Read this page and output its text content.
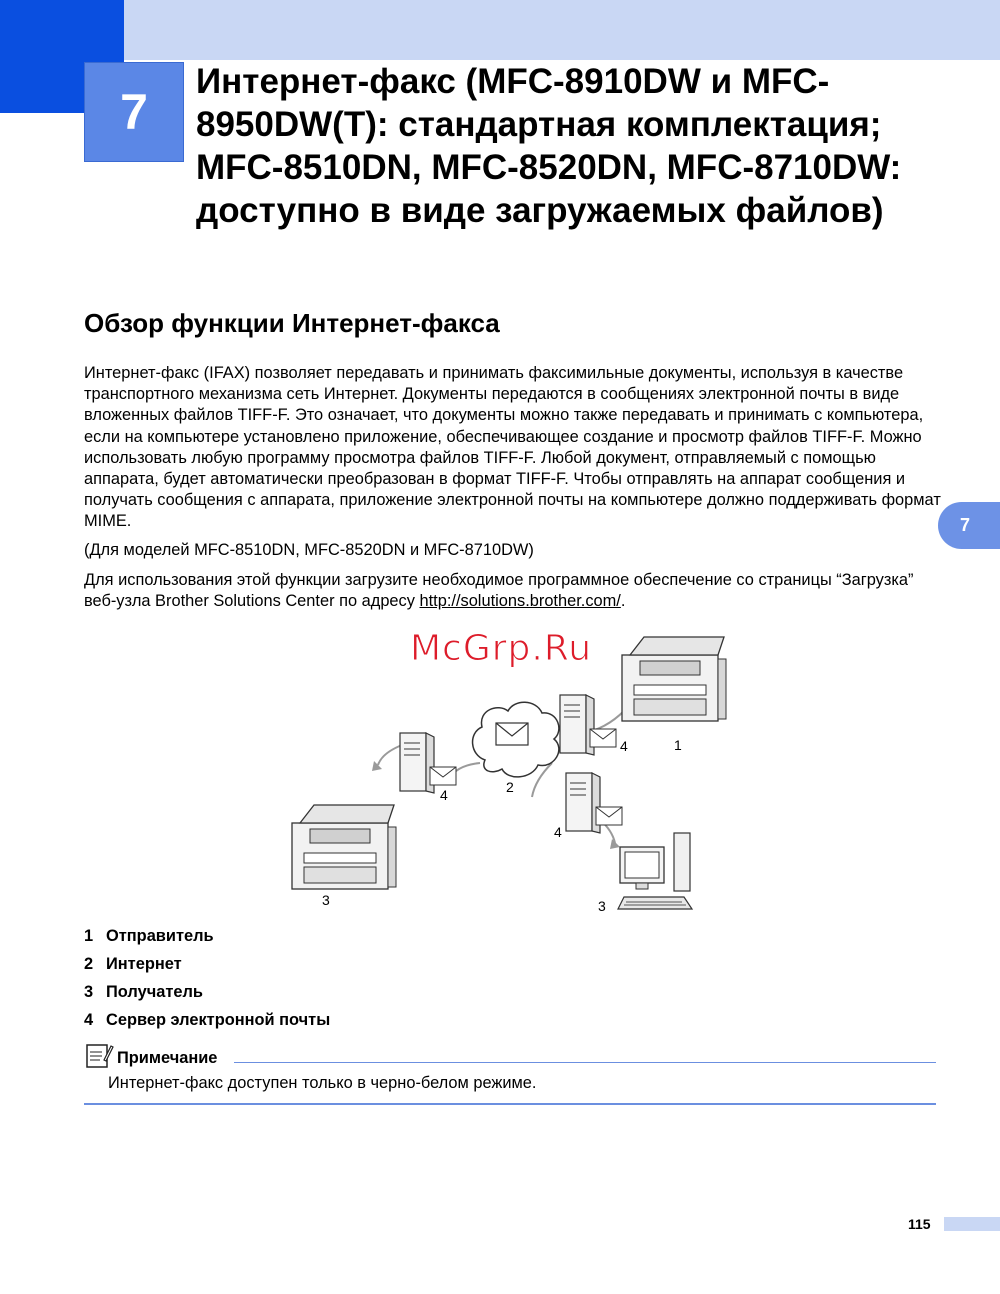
7
Интернет-факс (MFC-8910DW и MFC-8950DW(T): стандартная комплектация; MFC-8510DN, MFC-8520DN, MFC-8710DW: доступно в виде загружаемых файлов)
Обзор функции Интернет-факса

Интернет-факс (IFAX) позволяет передавать и принимать факсимильные документы, используя в качестве транспортного механизма сеть Интернет. Документы передаются в сообщениях электронной почты в виде вложенных файлов TIFF-F. Это означает, что документы можно также передавать и принимать с компьютера, если на компьютере установлено приложение, обеспечивающее создание и просмотр файлов TIFF-F. Можно использовать любую программу просмотра файлов TIFF-F. Любой документ, отправляемый с помощью аппарата, будет автоматически преобразован в формат TIFF-F. Чтобы отправлять на аппарат сообщения и получать сообщения с аппарата, приложение электронной почты на компьютере должно поддерживать формат MIME.

(Для моделей MFC-8510DN, MFC-8520DN и MFC-8710DW)

Для использования этой функции загрузите необходимое программное обеспечение со страницы “Загрузка” веб-узла Brother Solutions Center по адресу http://solutions.brother.com/.

7
1
2
4
4
4
3	3
McGrp.Ru
1 Отправитель
2 Интернет
3 Получатель
4 Сервер электронной почты
Примечание
Интернет-факс доступен только в черно-белом режиме.
115
